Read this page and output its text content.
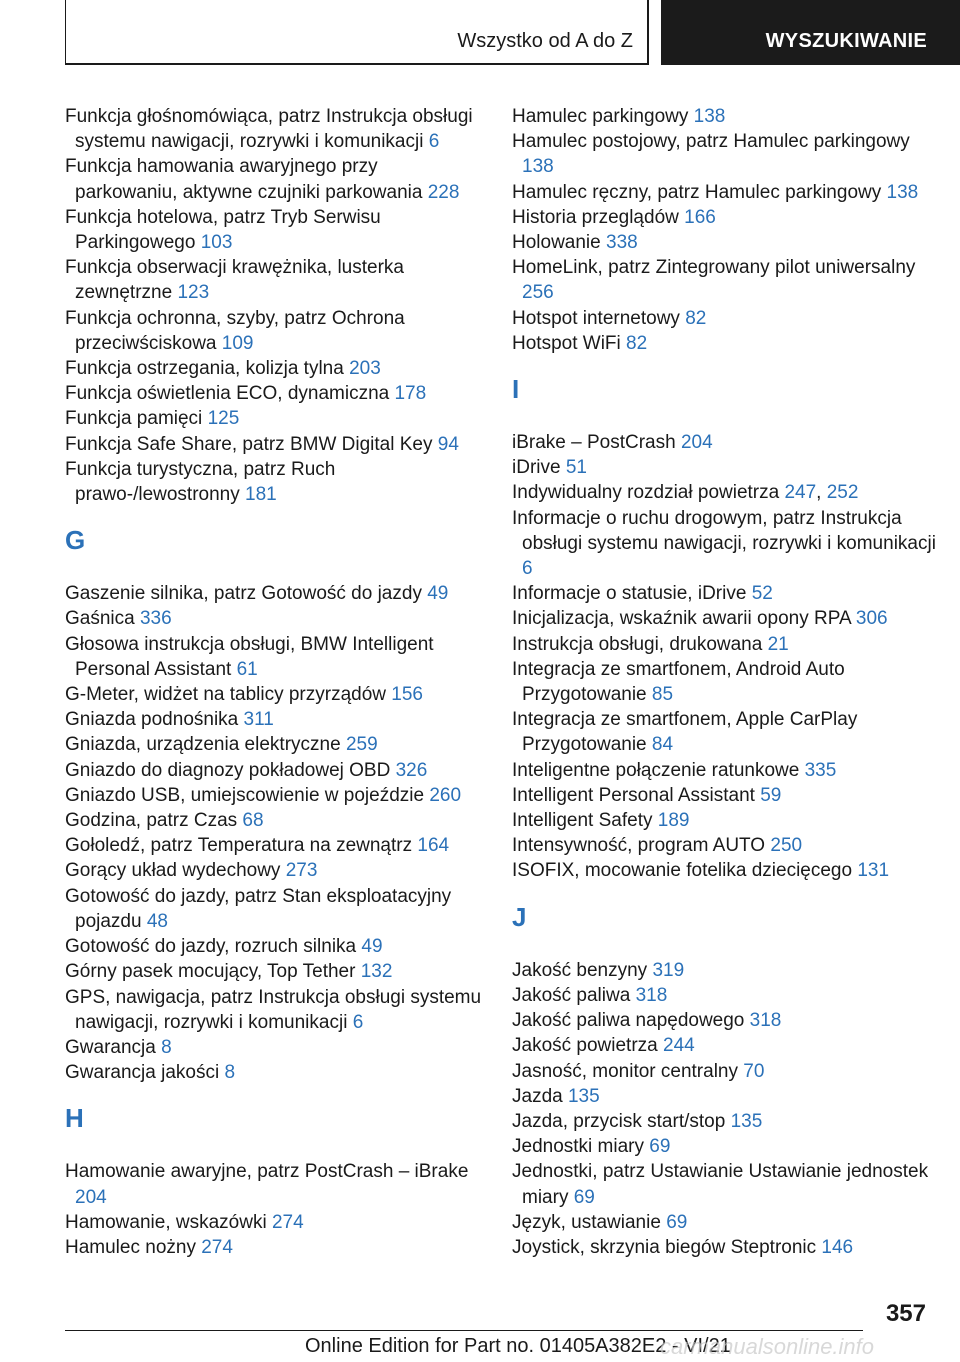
Wszystko od A do Z	WYSZUKIWANIE

Funkcja głośnomówiąca, patrz Instrukcja obsługi systemu nawigacji, rozrywki i komunikacji 6

Funkcja hamowania awaryjnego przy parkowaniu, aktywne czujniki parkowania 228

Funkcja hotelowa, patrz Tryb Serwisu Parkingowego 103

Funkcja obserwacji krawężnika, lusterka zewnętrzne 123

Funkcja ochronna, szyby, patrz Ochrona przeciwściskowa 109

Funkcja ostrzegania, kolizja tylna 203

Funkcja oświetlenia ECO, dynamiczna 178

Funkcja pamięci 125

Funkcja Safe Share, patrz BMW Digital Key 94

Funkcja turystyczna, patrz Ruch prawo-/lewostronny 181

G

Gaszenie silnika, patrz Gotowość do jazdy 49

Gaśnica 336

Głosowa instrukcja obsługi, BMW Intelligent Personal Assistant 61

G-Meter, widżet na tablicy przyrządów 156

Gniazda podnośnika 311

Gniazda, urządzenia elektryczne 259

Gniazdo do diagnozy pokładowej OBD 326

Gniazdo USB, umiejscowienie w pojeździe 260

Godzina, patrz Czas 68

Gołoledź, patrz Temperatura na zewnątrz 164

Gorący układ wydechowy 273

Gotowość do jazdy, patrz Stan eksploatacyjny pojazdu 48

Gotowość do jazdy, rozruch silnika 49

Górny pasek mocujący, Top Tether 132

GPS, nawigacja, patrz Instrukcja obsługi systemu nawigacji, rozrywki i komunikacji 6

Gwarancja 8

Gwarancja jakości 8

H

Hamowanie awaryjne, patrz PostCrash – iBrake 204

Hamowanie, wskazówki 274

Hamulec nożny 274

Hamulec parkingowy 138

Hamulec postojowy, patrz Hamulec parkingowy 138

Hamulec ręczny, patrz Hamulec parkingowy 138

Historia przeglądów 166

Holowanie 338

HomeLink, patrz Zintegrowany pilot uniwersalny 256

Hotspot internetowy 82

Hotspot WiFi 82

I

iBrake – PostCrash 204

iDrive 51

Indywidualny rozdział powietrza 247, 252

Informacje o ruchu drogowym, patrz Instrukcja obsługi systemu nawigacji, rozrywki i komunikacji 6

Informacje o statusie, iDrive 52

Inicjalizacja, wskaźnik awarii opony RPA 306

Instrukcja obsługi, drukowana 21

Integracja ze smartfonem, Android Auto Przygotowanie 85

Integracja ze smartfonem, Apple CarPlay Przygotowanie 84

Inteligentne połączenie ratunkowe 335

Intelligent Personal Assistant 59

Intelligent Safety 189

Intensywność, program AUTO 250

ISOFIX, mocowanie fotelika dziecięcego 131

J

Jakość benzyny 319

Jakość paliwa 318

Jakość paliwa napędowego 318

Jakość powietrza 244

Jasność, monitor centralny 70

Jazda 135

Jazda, przycisk start/stop 135

Jednostki miary 69

Jednostki, patrz Ustawianie Ustawianie jednostek miary 69

Język, ustawianie 69

Joystick, skrzynia biegów Steptronic 146

357
Online Edition for Part no. 01405A382E2 - VI/21
carmanualsonline.info
